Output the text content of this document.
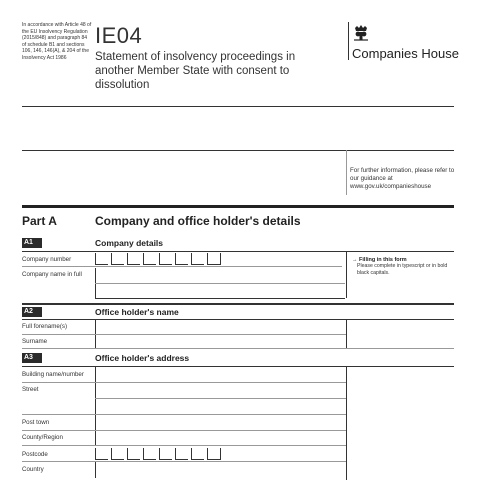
In accordance with Article 48 of the EU Insolvency Regulation (2015/848) and paragraph 84 of schedule B1 and sections 106, 146, 146(A), & 204 of the Insolvency Act 1986
IE04
Statement of insolvency proceedings in another Member State with consent to dissolution
Companies House
For further information, please refer to our guidance at www.gov.uk/companieshouse
Part A	Company and office holder's details
A1	Company details
Company number
Company name in full
→ Filling in this form
Please complete in typescript or in bold black capitals.
A2	Office holder's name
Full forename(s)
Surname
A3	Office holder's address
Building name/number
Street
Post town
County/Region
Postcode
Country
